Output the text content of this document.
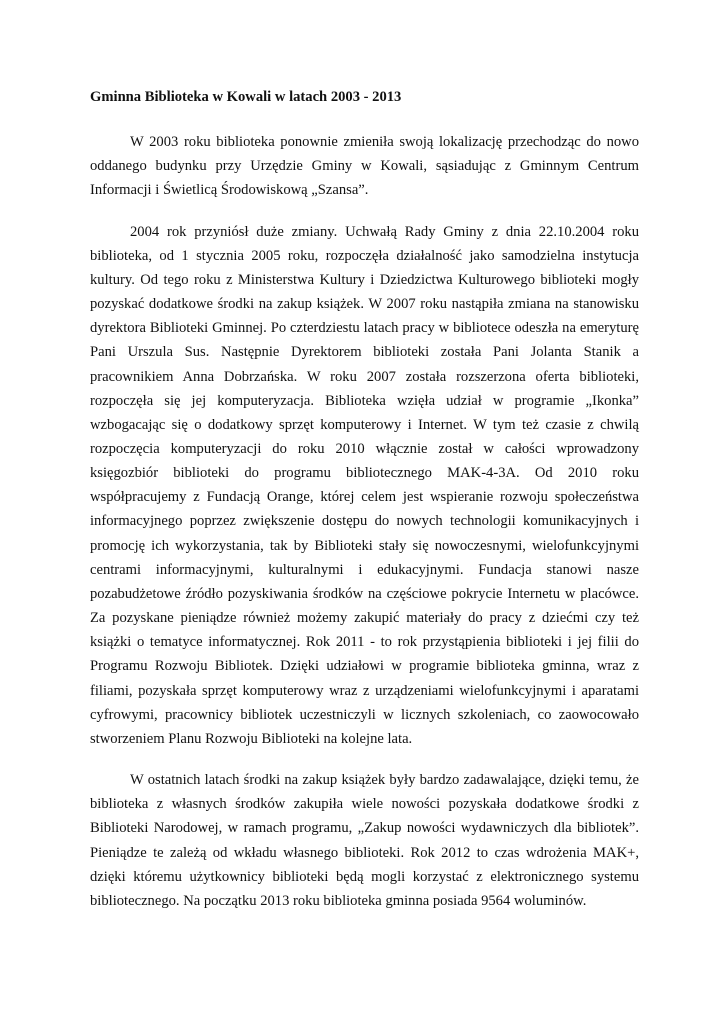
Gminna Biblioteka w Kowali w latach 2003 - 2013

W 2003 roku biblioteka ponownie zmieniła swoją lokalizację przechodząc do nowo oddanego budynku przy Urzędzie Gminy w Kowali, sąsiadując z Gminnym Centrum Informacji i Świetlicą Środowiskową „Szansa”.

2004 rok przyniósł duże zmiany. Uchwałą Rady Gminy z dnia 22.10.2004 roku biblioteka, od 1 stycznia 2005 roku, rozpoczęła działalność jako samodzielna instytucja kultury. Od tego roku z Ministerstwa Kultury i Dziedzictwa Kulturowego biblioteki mogły pozyskać dodatkowe środki na zakup książek. W 2007 roku nastąpiła zmiana na stanowisku dyrektora Biblioteki Gminnej. Po czterdziestu latach pracy w bibliotece odeszła na emeryturę Pani Urszula Sus. Następnie Dyrektorem biblioteki została Pani Jolanta Stanik a pracownikiem Anna Dobrzańska. W roku 2007 została rozszerzona oferta biblioteki, rozpoczęła się jej komputeryzacja. Biblioteka wzięła udział w programie „Ikonka” wzbogacając się o dodatkowy sprzęt komputerowy i Internet. W tym też czasie z chwilą rozpoczęcia komputeryzacji do roku 2010 włącznie został w całości wprowadzony księgozbiór biblioteki do programu bibliotecznego MAK-4-3A. Od 2010 roku współpracujemy z Fundacją Orange, której celem jest wspieranie rozwoju społeczeństwa informacyjnego poprzez zwiększenie dostępu do nowych technologii komunikacyjnych i promocję ich wykorzystania, tak by Biblioteki stały się nowoczesnymi, wielofunkcyjnymi centrami informacyjnymi, kulturalnymi i edukacyjnymi. Fundacja stanowi nasze pozabudżetowe źródło pozyskiwania środków na częściowe pokrycie Internetu w placówce. Za pozyskane pieniądze również możemy zakupić materiały do pracy z dziećmi czy też książki o tematyce informatycznej. Rok 2011 - to rok przystąpienia biblioteki i jej filii do Programu Rozwoju Bibliotek. Dzięki udziałowi w programie biblioteka gminna, wraz z filiami, pozyskała sprzęt komputerowy wraz z urządzeniami wielofunkcyjnymi i aparatami cyfrowymi, pracownicy bibliotek uczestniczyli w licznych szkoleniach, co zaowocowało stworzeniem Planu Rozwoju Biblioteki na kolejne lata.

W ostatnich latach środki na zakup książek były bardzo zadawalające, dzięki temu, że biblioteka z własnych środków zakupiła wiele nowości pozyskała dodatkowe środki z Biblioteki Narodowej, w ramach programu, „Zakup nowości wydawniczych dla bibliotek”. Pieniądze te zależą od wkładu własnego biblioteki. Rok 2012 to czas wdrożenia MAK+, dzięki któremu użytkownicy biblioteki będą mogli korzystać z elektronicznego systemu bibliotecznego. Na początku 2013 roku biblioteka gminna posiada 9564 woluminów.
